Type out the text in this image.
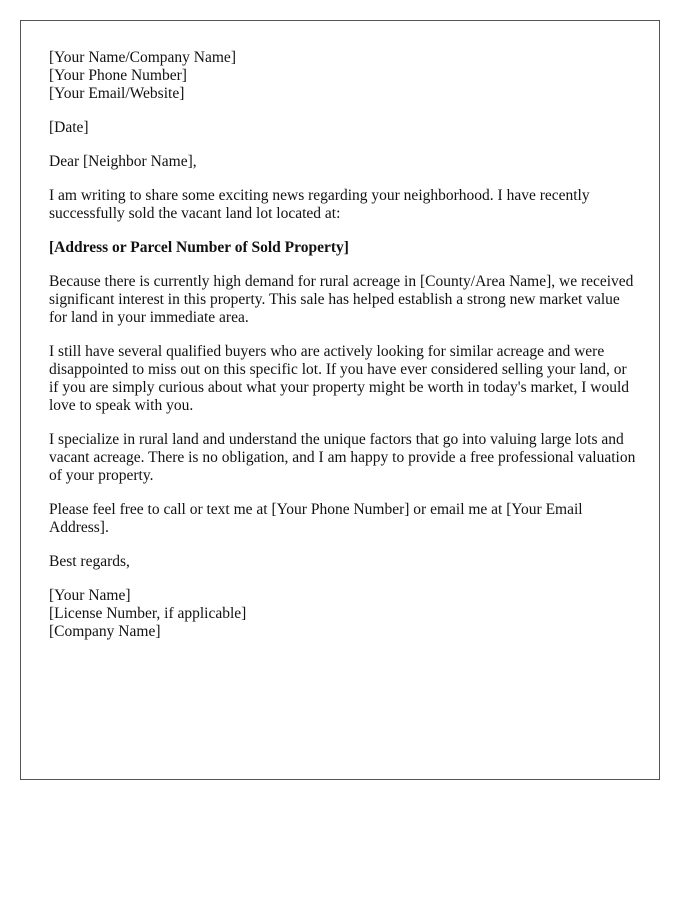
[Your Name/Company Name]
[Your Phone Number]
[Your Email/Website]

[Date]

Dear [Neighbor Name],

I am writing to share some exciting news regarding your neighborhood. I have recently successfully sold the vacant land lot located at:

[Address or Parcel Number of Sold Property]

Because there is currently high demand for rural acreage in [County/Area Name], we received significant interest in this property. This sale has helped establish a strong new market value for land in your immediate area.

I still have several qualified buyers who are actively looking for similar acreage and were disappointed to miss out on this specific lot. If you have ever considered selling your land, or if you are simply curious about what your property might be worth in today's market, I would love to speak with you.

I specialize in rural land and understand the unique factors that go into valuing large lots and vacant acreage. There is no obligation, and I am happy to provide a free professional valuation of your property.

Please feel free to call or text me at [Your Phone Number] or email me at [Your Email Address].

Best regards,

[Your Name]
[License Number, if applicable]
[Company Name]
